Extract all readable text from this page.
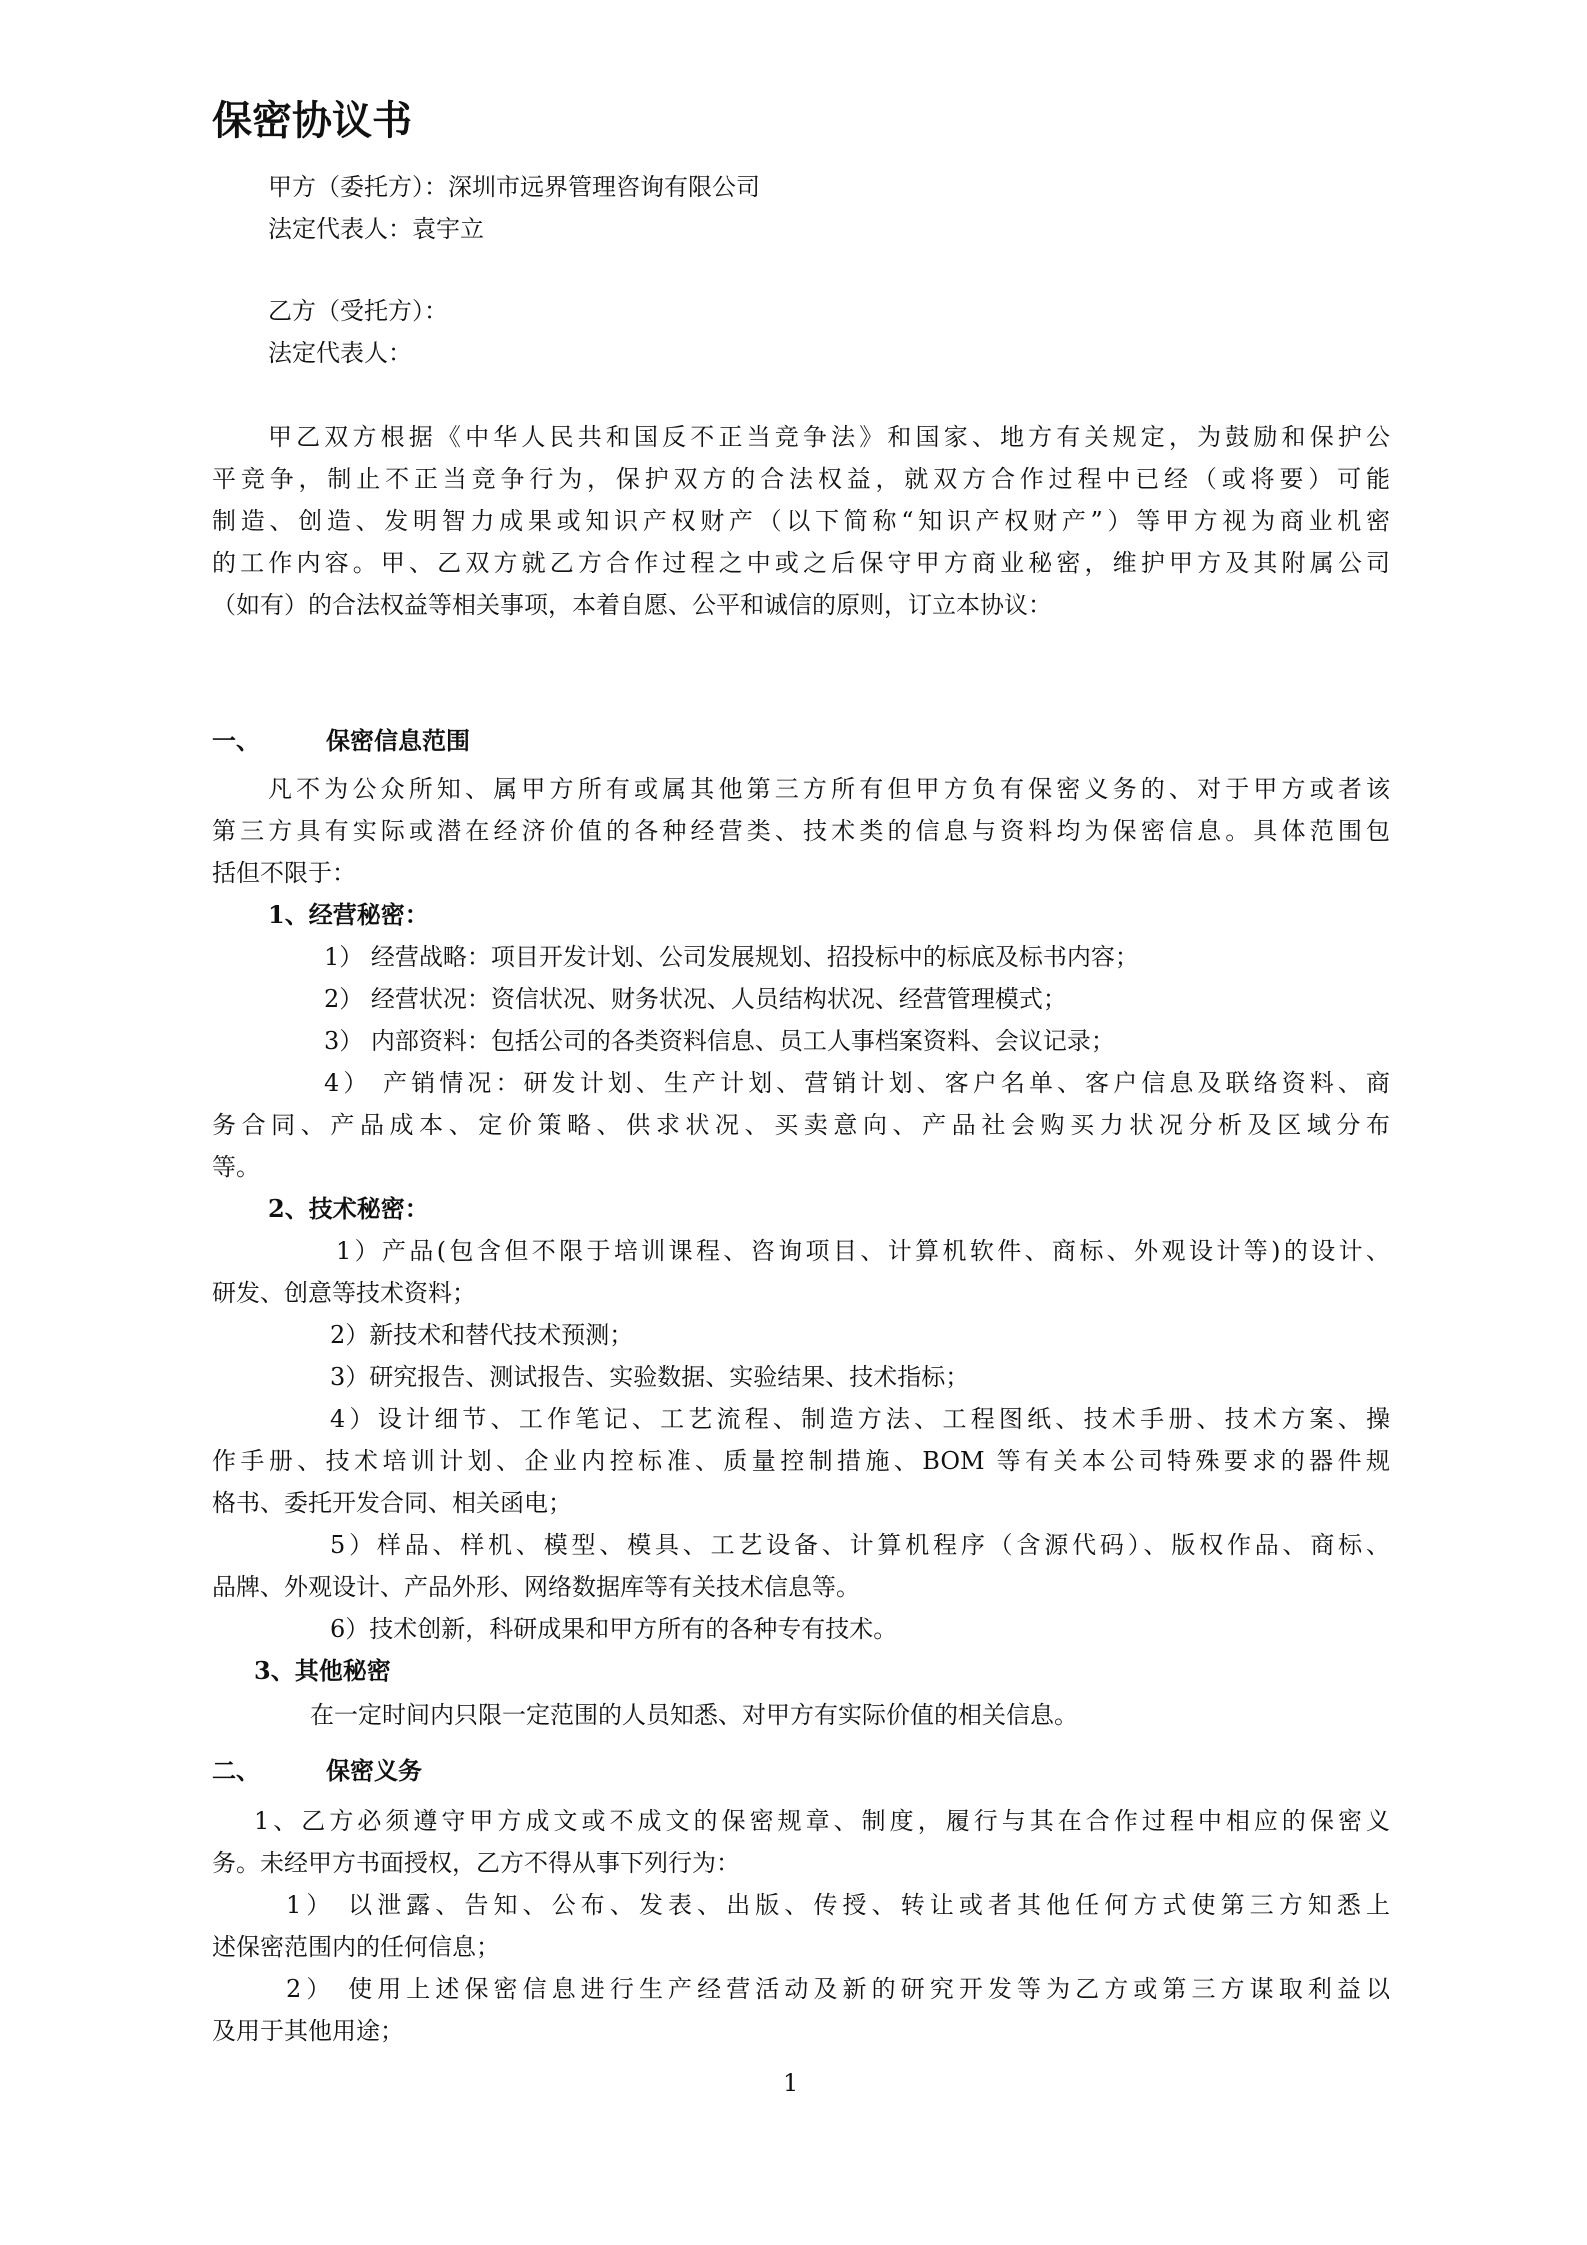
保密协议书

甲方（委托方）：深圳市远界管理咨询有限公司

法定代表人：袁宇立

乙方（受托方）：

法定代表人：

甲乙双方根据《中华人民共和国反不正当竞争法》和国家、地方有关规定，为鼓励和保护公

平竞争，制止不正当竞争行为，保护双方的合法权益，就双方合作过程中已经（或将要）可能

制造、创造、发明智力成果或知识产权财产（以下简称“知识产权财产”）等甲方视为商业机密

的工作内容。甲、乙双方就乙方合作过程之中或之后保守甲方商业秘密，维护甲方及其附属公司

（如有）的合法权益等相关事项，本着自愿、公平和诚信的原则，订立本协议：

一、	保密信息范围

凡不为公众所知、属甲方所有或属其他第三方所有但甲方负有保密义务的、对于甲方或者该

第三方具有实际或潜在经济价值的各种经营类、技术类的信息与资料均为保密信息。具体范围包

括但不限于：

1、经营秘密：

1） 经营战略：项目开发计划、公司发展规划、招投标中的标底及标书内容；

2） 经营状况：资信状况、财务状况、人员结构状况、经营管理模式；

3） 内部资料：包括公司的各类资料信息、员工人事档案资料、会议记录；

4） 产销情况：研发计划、生产计划、营销计划、客户名单、客户信息及联络资料、商

务合同、产品成本、定价策略、供求状况、买卖意向、产品社会购买力状况分析及区域分布

等。

2、技术秘密：

1）产品(包含但不限于培训课程、咨询项目、计算机软件、商标、外观设计等)的设计、

研发、创意等技术资料；

2）新技术和替代技术预测；

3）研究报告、测试报告、实验数据、实验结果、技术指标；

4）设计细节、工作笔记、工艺流程、制造方法、工程图纸、技术手册、技术方案、操

作手册、技术培训计划、企业内控标准、质量控制措施、BOM 等有关本公司特殊要求的器件规

格书、委托开发合同、相关函电；

5）样品、样机、模型、模具、工艺设备、计算机程序（含源代码）、版权作品、商标、

品牌、外观设计、产品外形、网络数据库等有关技术信息等。

6）技术创新，科研成果和甲方所有的各种专有技术。

3、其他秘密

在一定时间内只限一定范围的人员知悉、对甲方有实际价值的相关信息。

二、	保密义务

1、乙方必须遵守甲方成文或不成文的保密规章、制度，履行与其在合作过程中相应的保密义

务。未经甲方书面授权，乙方不得从事下列行为：

1） 以泄露、告知、公布、发表、出版、传授、转让或者其他任何方式使第三方知悉上

述保密范围内的任何信息；

2） 使用上述保密信息进行生产经营活动及新的研究开发等为乙方或第三方谋取利益以

及用于其他用途；

1
